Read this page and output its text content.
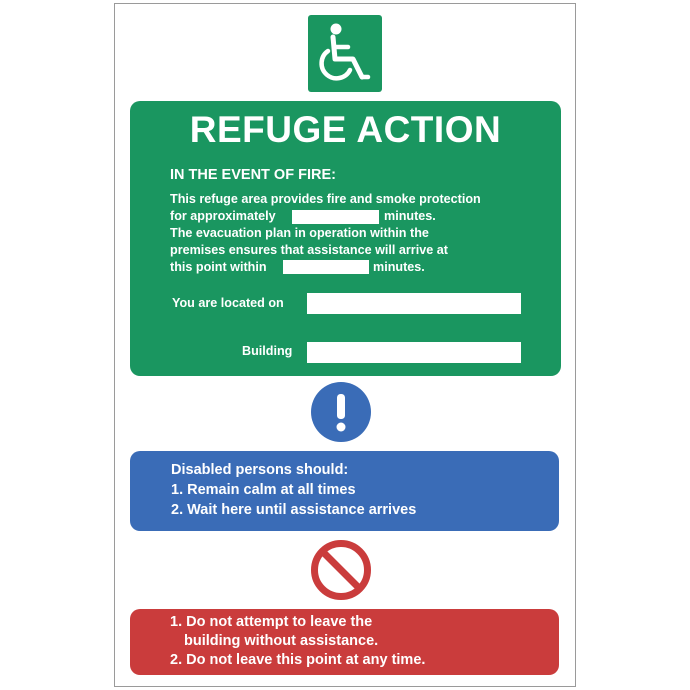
REFUGE ACTION
IN THE EVENT OF FIRE:
This refuge area provides fire and smoke protection
for approximately	minutes.
The evacuation plan in operation within the
premises ensures that assistance will arrive at
this point within	minutes.
You are located on
Building
Disabled persons should:
1. Remain calm at all times
2. Wait here until assistance arrives
1. Do not attempt to leave the
building without assistance.
2. Do not leave this point at any time.
